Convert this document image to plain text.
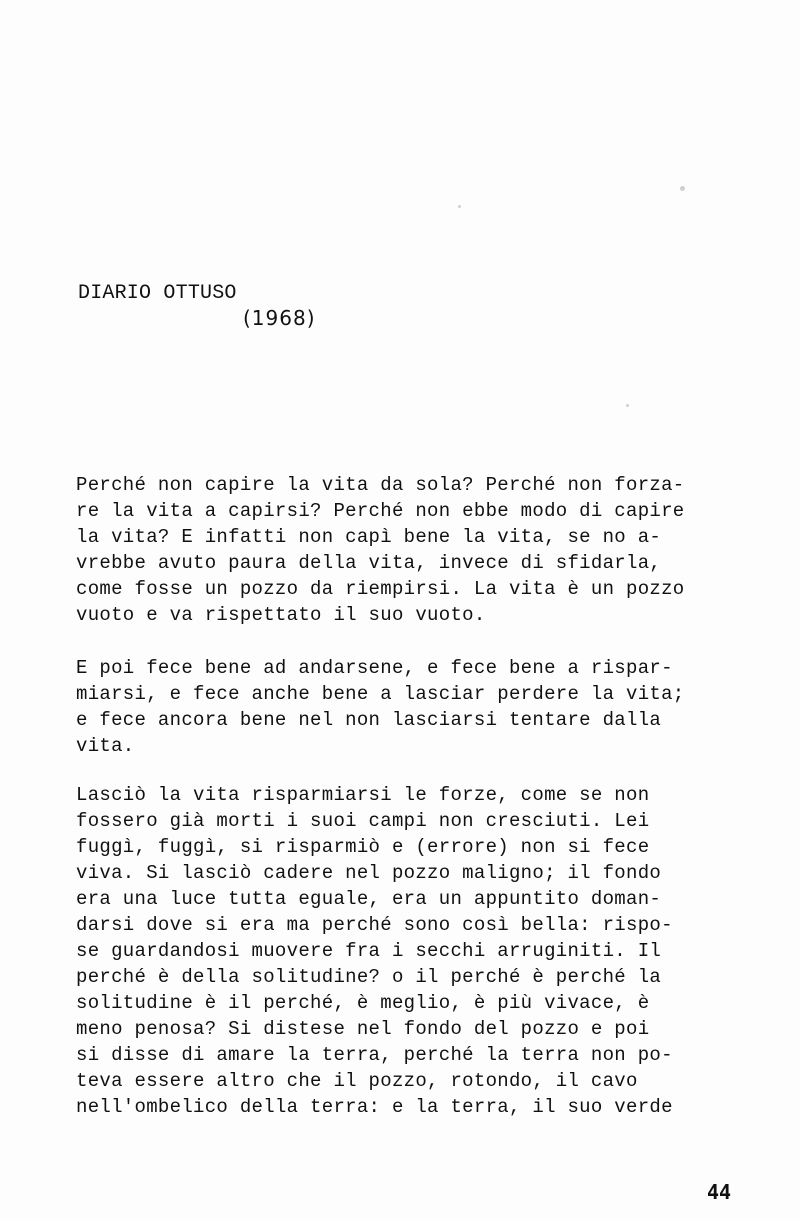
DIARIO OTTUSO
(1968)
Perché non capire la vita da sola? Perché non forza-
re la vita a capirsi? Perché non ebbe modo di capire
la vita? E infatti non capì bene la vita, se no a-
vrebbe avuto paura della vita, invece di sfidarla,
come fosse un pozzo da riempirsi. La vita è un pozzo
vuoto e va rispettato il suo vuoto.
E poi fece bene ad andarsene, e fece bene a rispar-
miarsi, e fece anche bene a lasciar perdere la vita;
e fece ancora bene nel non lasciarsi tentare dalla
vita.
Lasciò la vita risparmiarsi le forze, come se non
fossero già morti i suoi campi non cresciuti. Lei
fuggì, fuggì, si risparmiò e (errore) non si fece
viva. Si lasciò cadere nel pozzo maligno; il fondo
era una luce tutta eguale, era un appuntito doman-
darsi dove si era ma perché sono così bella: rispo-
se guardandosi muovere fra i secchi arruginiti. Il
perché è della solitudine? o il perché è perché la
solitudine è il perché, è meglio, è più vivace, è
meno penosa? Si distese nel fondo del pozzo e poi
si disse di amare la terra, perché la terra non po-
teva essere altro che il pozzo, rotondo, il cavo
nell'ombelico della terra: e la terra, il suo verde
44
